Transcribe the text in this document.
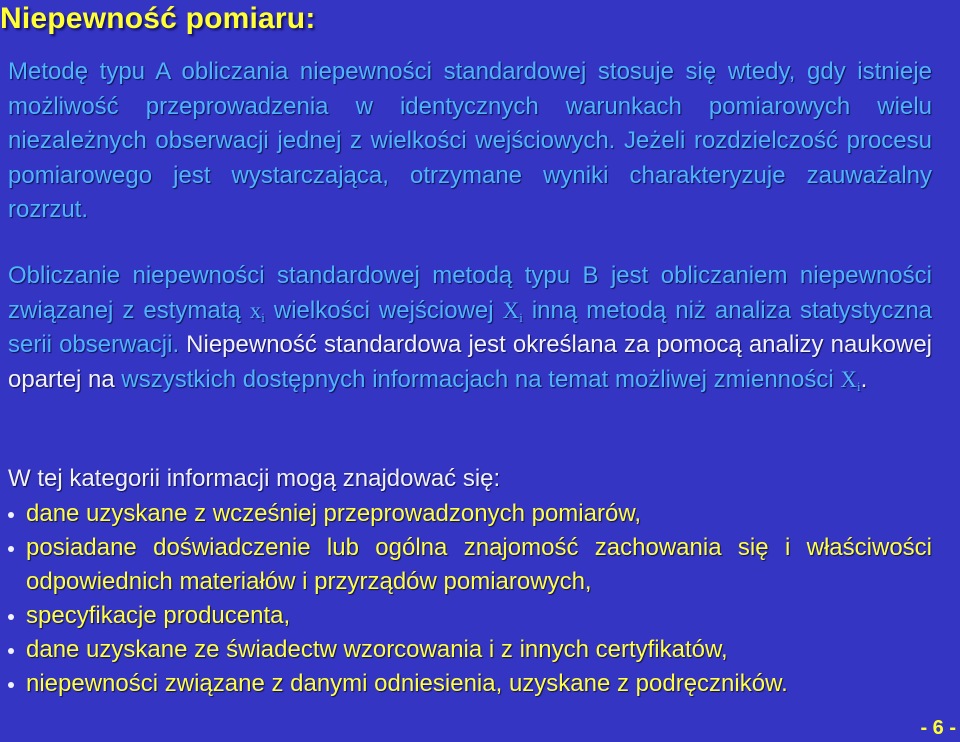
Niepewność pomiaru:

Metodę typu A obliczania niepewności standardowej stosuje się wtedy, gdy istnieje możliwość przeprowadzenia w identycznych warunkach pomiarowych wielu niezależnych obserwacji jednej z wielkości wejściowych. Jeżeli rozdzielczość procesu pomiarowego jest wystarczająca, otrzymane wyniki charakteryzuje zauważalny rozrzut.

Obliczanie niepewności standardowej metodą typu B jest obliczaniem niepewności związanej z estymatą $x_i$ wielkości wejściowej $X_i$ inną metodą niż analiza statystyczna serii obserwacji. Niepewność standardowa jest określana za pomocą analizy naukowej opartej na wszystkich dostępnych informacjach na temat możliwej zmienności $X_i$.

W tej kategorii informacji mogą znajdować się:

dane uzyskane z wcześniej przeprowadzonych pomiarów,
posiadane doświadczenie lub ogólna znajomość zachowania się i właściwości odpowiednich materiałów i przyrządów pomiarowych,
specyfikacje producenta,
dane uzyskane ze świadectw wzorcowania i z innych certyfikatów,
niepewności związane z danymi odniesienia, uzyskane z podręczników.
- 6 -
